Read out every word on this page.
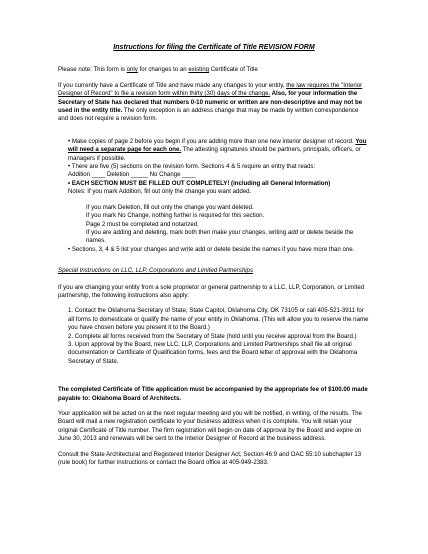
Instructions for filing the Certificate of Title REVISION FORM

Please note: This form is only for changes to an existing Certificate of Title

If you currently have a Certificate of Title and have made any changes to your entity, the law requires the "Interior Designer of Record" to file a revision form within thirty (30) days of the change. Also, for your information the Secretary of State has declared that numbers 0-10 numeric or written are non-descriptive and may not be used in the entity title. The only exception is an address change that may be made by written correspondence and does not require a revision form.

• Make copies of page 2 before you begin if you are adding more than one new interior designer of record. You will need a separate page for each one. The attesting signatures should be partners, principals, officers, or managers if possible.
• There are five (5) sections on the revision form. Sections 4 & 5 require an entry that reads:
Addition ____ Deletion _____ No Change ____
• EACH SECTION MUST BE FILLED OUT COMPLETELY! (including all General Information)
Notes: If you mark Addition, fill out only the change you want added.
If you mark Deletion, fill out only the change you want deleted.
If you mark No Change, nothing further is required for this section.
Page 2 must be completed and notarized.
If you are adding and deleting, mark both then make your changes, writing add or delete beside the names.
• Sections, 3, 4 & 5 list your changes and write add or delete beside the names if you have more than one.
Special Instructions on LLC, LLP, Corporations and Limited Partnerships

If you are changing your entity from a sole proprietor or general partnership to a LLC, LLP, Corporation, or Limited partnership, the following instructions also apply:

1. Contact the Oklahoma Secretary of State, State Capitol, Oklahoma City, OK 73105 or call 405-521-3911 for all forms to domesticate or qualify the name of your entity in Oklahoma. (This will allow you to reserve the name you have chosen before you present it to the Board.)
2. Complete all forms received from the Secretary of State (hold until you receive approval from the Board.)
3. Upon approval by the Board, new LLC, LLP, Corporations and Limited Partnerships shall file all original documentation or Certificate of Qualification forms, fees and the Board letter of approval with the Oklahoma Secretary of State.
The completed Certificate of Title application must be accompanied by the appropriate fee of $100.00 made payable to: Oklahoma Board of Architects.

Your application will be acted on at the next regular meeting and you will be notified, in writing, of the results. The Board will mail a new registration certificate to your business address when it is complete. You will retain your original Certificate of Title number. The firm registration will begin on date of approval by the Board and expire on June 30, 2013 and renewals will be sent to the Interior Designer of Record at the business address.

Consult the State Architectural and Registered Interior Designer Act, Section 46:9 and OAC 55:10 subchapter 13 (rule book) for further instructions or contact the Board office at 405-949-2383.
